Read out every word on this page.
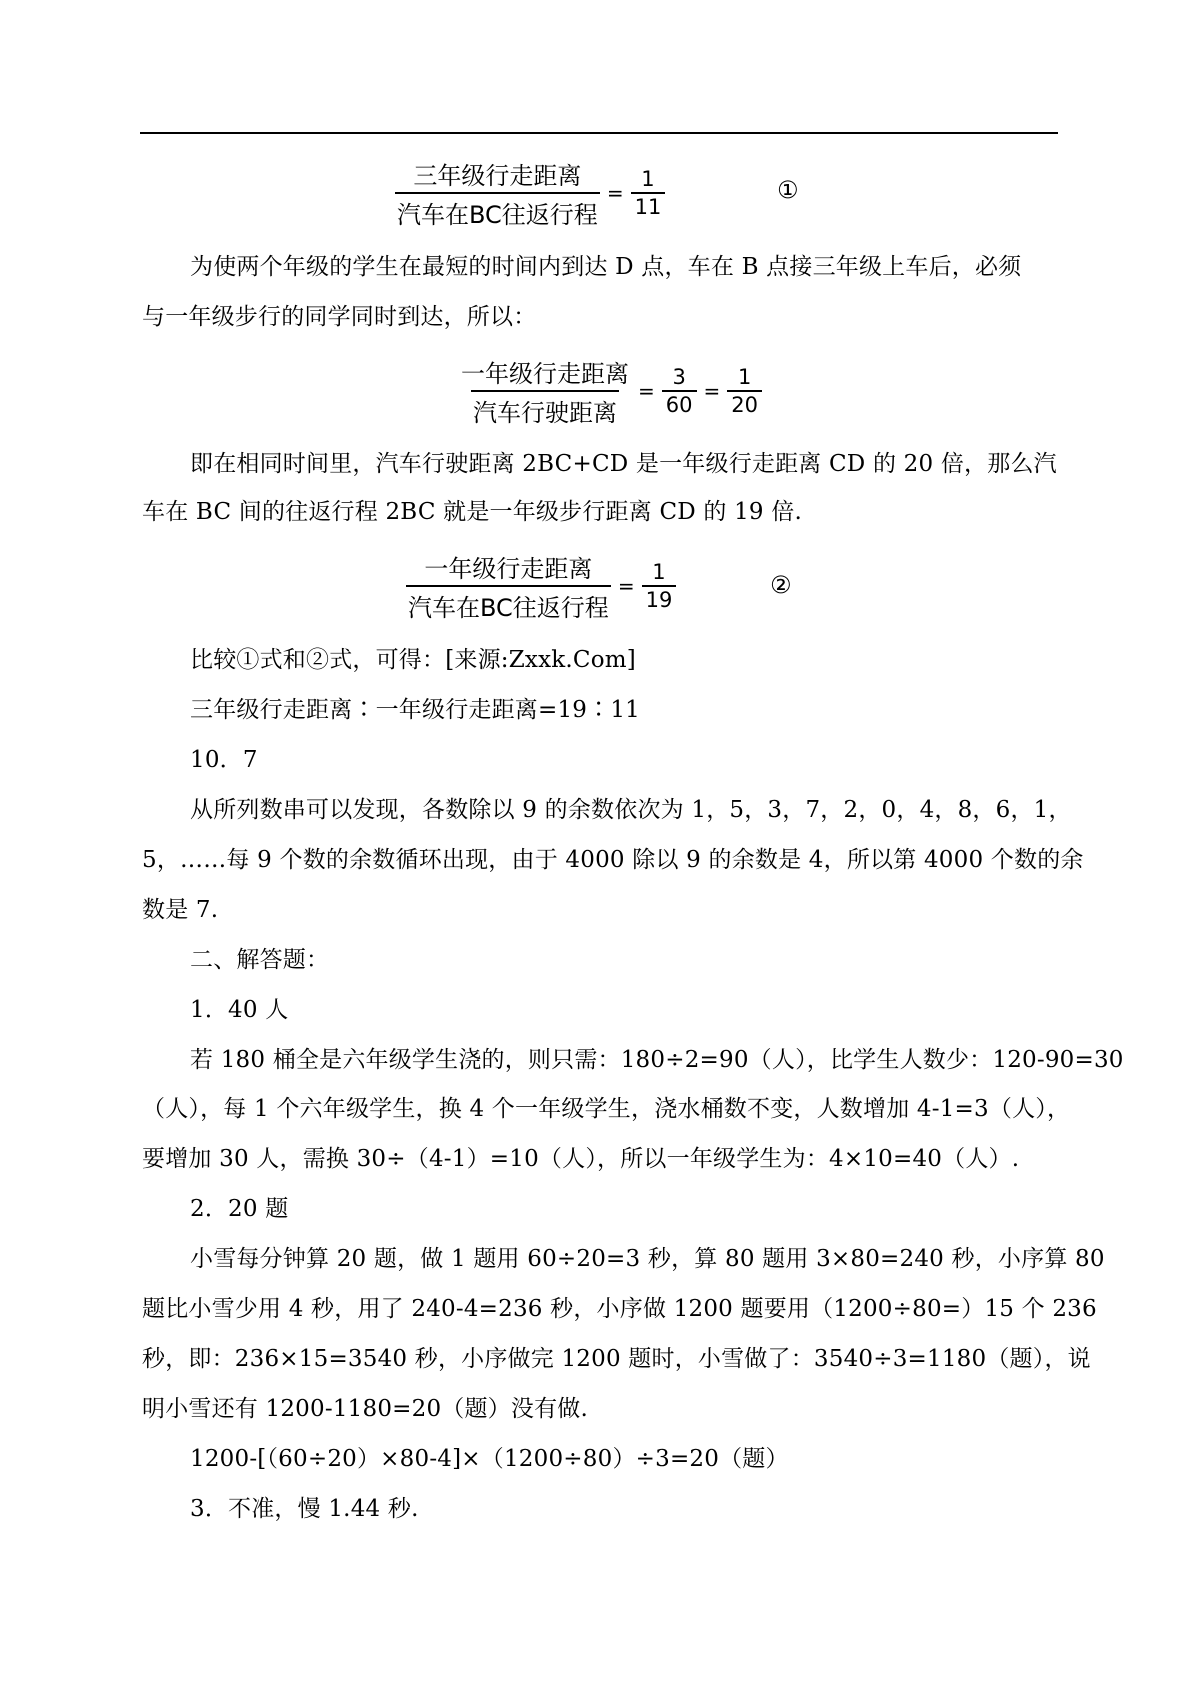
$\frac{\text{三年级行走距离}}{\text{汽车在BC往返行程}} = \frac{1}{11}$	①
为使两个年级的学生在最短的时间内到达 D 点，车在 B 点接三年级上车后，必须
与一年级步行的同学同时到达，所以：
$\frac{\text{一年级行走距离}}{\text{汽车行驶距离}} = \frac{3}{60} = \frac{1}{20}$
即在相同时间里，汽车行驶距离 2BC+CD 是一年级行走距离 CD 的 20 倍，那么汽
车在 BC 间的往返行程 2BC 就是一年级步行距离 CD 的 19 倍.
$\frac{\text{一年级行走距离}}{\text{汽车在BC往返行程}} = \frac{1}{19}$	②
比较①式和②式，可得：[来源:Zxxk.Com]
三年级行走距离∶一年级行走距离=19∶11
10．7
从所列数串可以发现，各数除以 9 的余数依次为 1，5，3，7，2，0，4，8，6，1，
5，……每 9 个数的余数循环出现，由于 4000 除以 9 的余数是 4，所以第 4000 个数的余
数是 7.
二、解答题：
1．40 人
若 180 桶全是六年级学生浇的，则只需：180÷2=90（人），比学生人数少：120-90=30
（人），每 1 个六年级学生，换 4 个一年级学生，浇水桶数不变，人数增加 4-1=3（人），
要增加 30 人，需换 30÷（4-1）=10（人），所以一年级学生为：4×10=40（人）.
2．20 题
小雪每分钟算 20 题，做 1 题用 60÷20=3 秒，算 80 题用 3×80=240 秒，小序算 80
题比小雪少用 4 秒，用了 240-4=236 秒，小序做 1200 题要用（1200÷80=）15 个 236
秒，即：236×15=3540 秒，小序做完 1200 题时，小雪做了：3540÷3=1180（题），说
明小雪还有 1200-1180=20（题）没有做.
1200-[（60÷20）×80-4]×（1200÷80）÷3=20（题）
3．不准，慢 1.44 秒.
